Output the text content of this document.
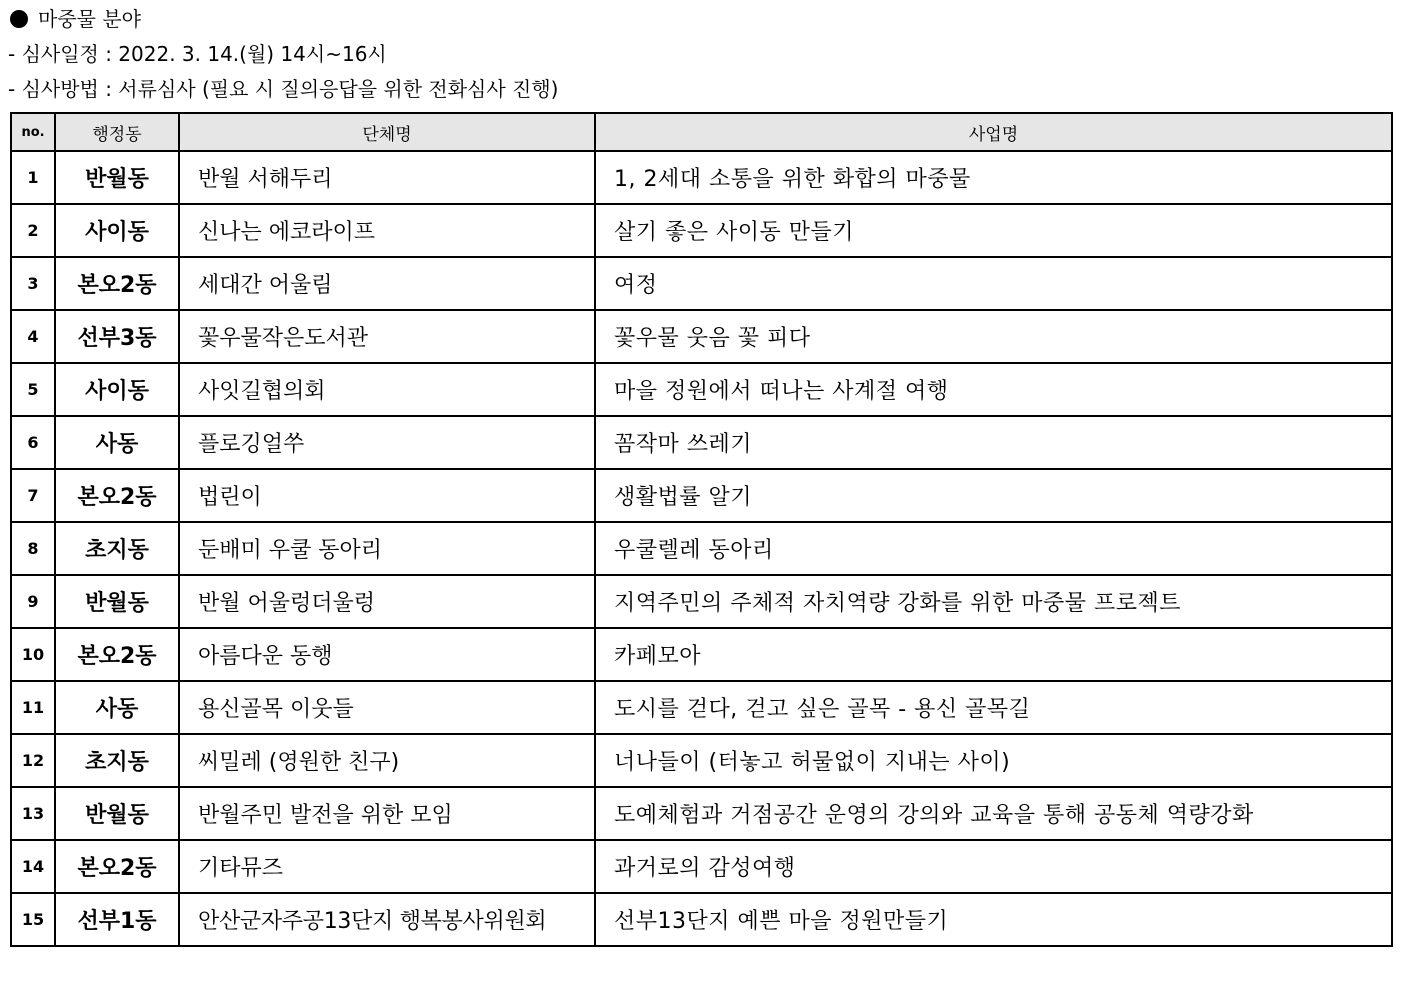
마중물 분야
- 심사일정 : 2022. 3. 14.(월) 14시~16시
- 심사방법 : 서류심사 (필요 시 질의응답을 위한 전화심사 진행)
no.	행정동	단체명	사업명
1	반월동	반월 서해두리	1, 2세대 소통을 위한 화합의 마중물
2	사이동	신나는 에코라이프	살기 좋은 사이동 만들기
3	본오2동	세대간 어울림	여정
4	선부3동	꽃우물작은도서관	꽃우물 웃음 꽃 피다
5	사이동	사잇길협의회	마을 정원에서 떠나는 사계절 여행
6	사동	플로깅얼쑤	꼼작마 쓰레기
7	본오2동	법린이	생활법률 알기
8	초지동	둔배미 우쿨 동아리	우쿨렐레 동아리
9	반월동	반월 어울렁더울렁	지역주민의 주체적 자치역량 강화를 위한 마중물 프로젝트
10	본오2동	아름다운 동행	카페모아
11	사동	용신골목 이웃들	도시를 걷다, 걷고 싶은 골목 - 용신 골목길
12	초지동	씨밀레 (영원한 친구)	너나들이 (터놓고 허물없이 지내는 사이)
13	반월동	반월주민 발전을 위한 모임	도예체험과 거점공간 운영의 강의와 교육을 통해 공동체 역량강화
14	본오2동	기타뮤즈	과거로의 감성여행
15	선부1동	안산군자주공13단지 행복봉사위원회	선부13단지 예쁜 마을 정원만들기
